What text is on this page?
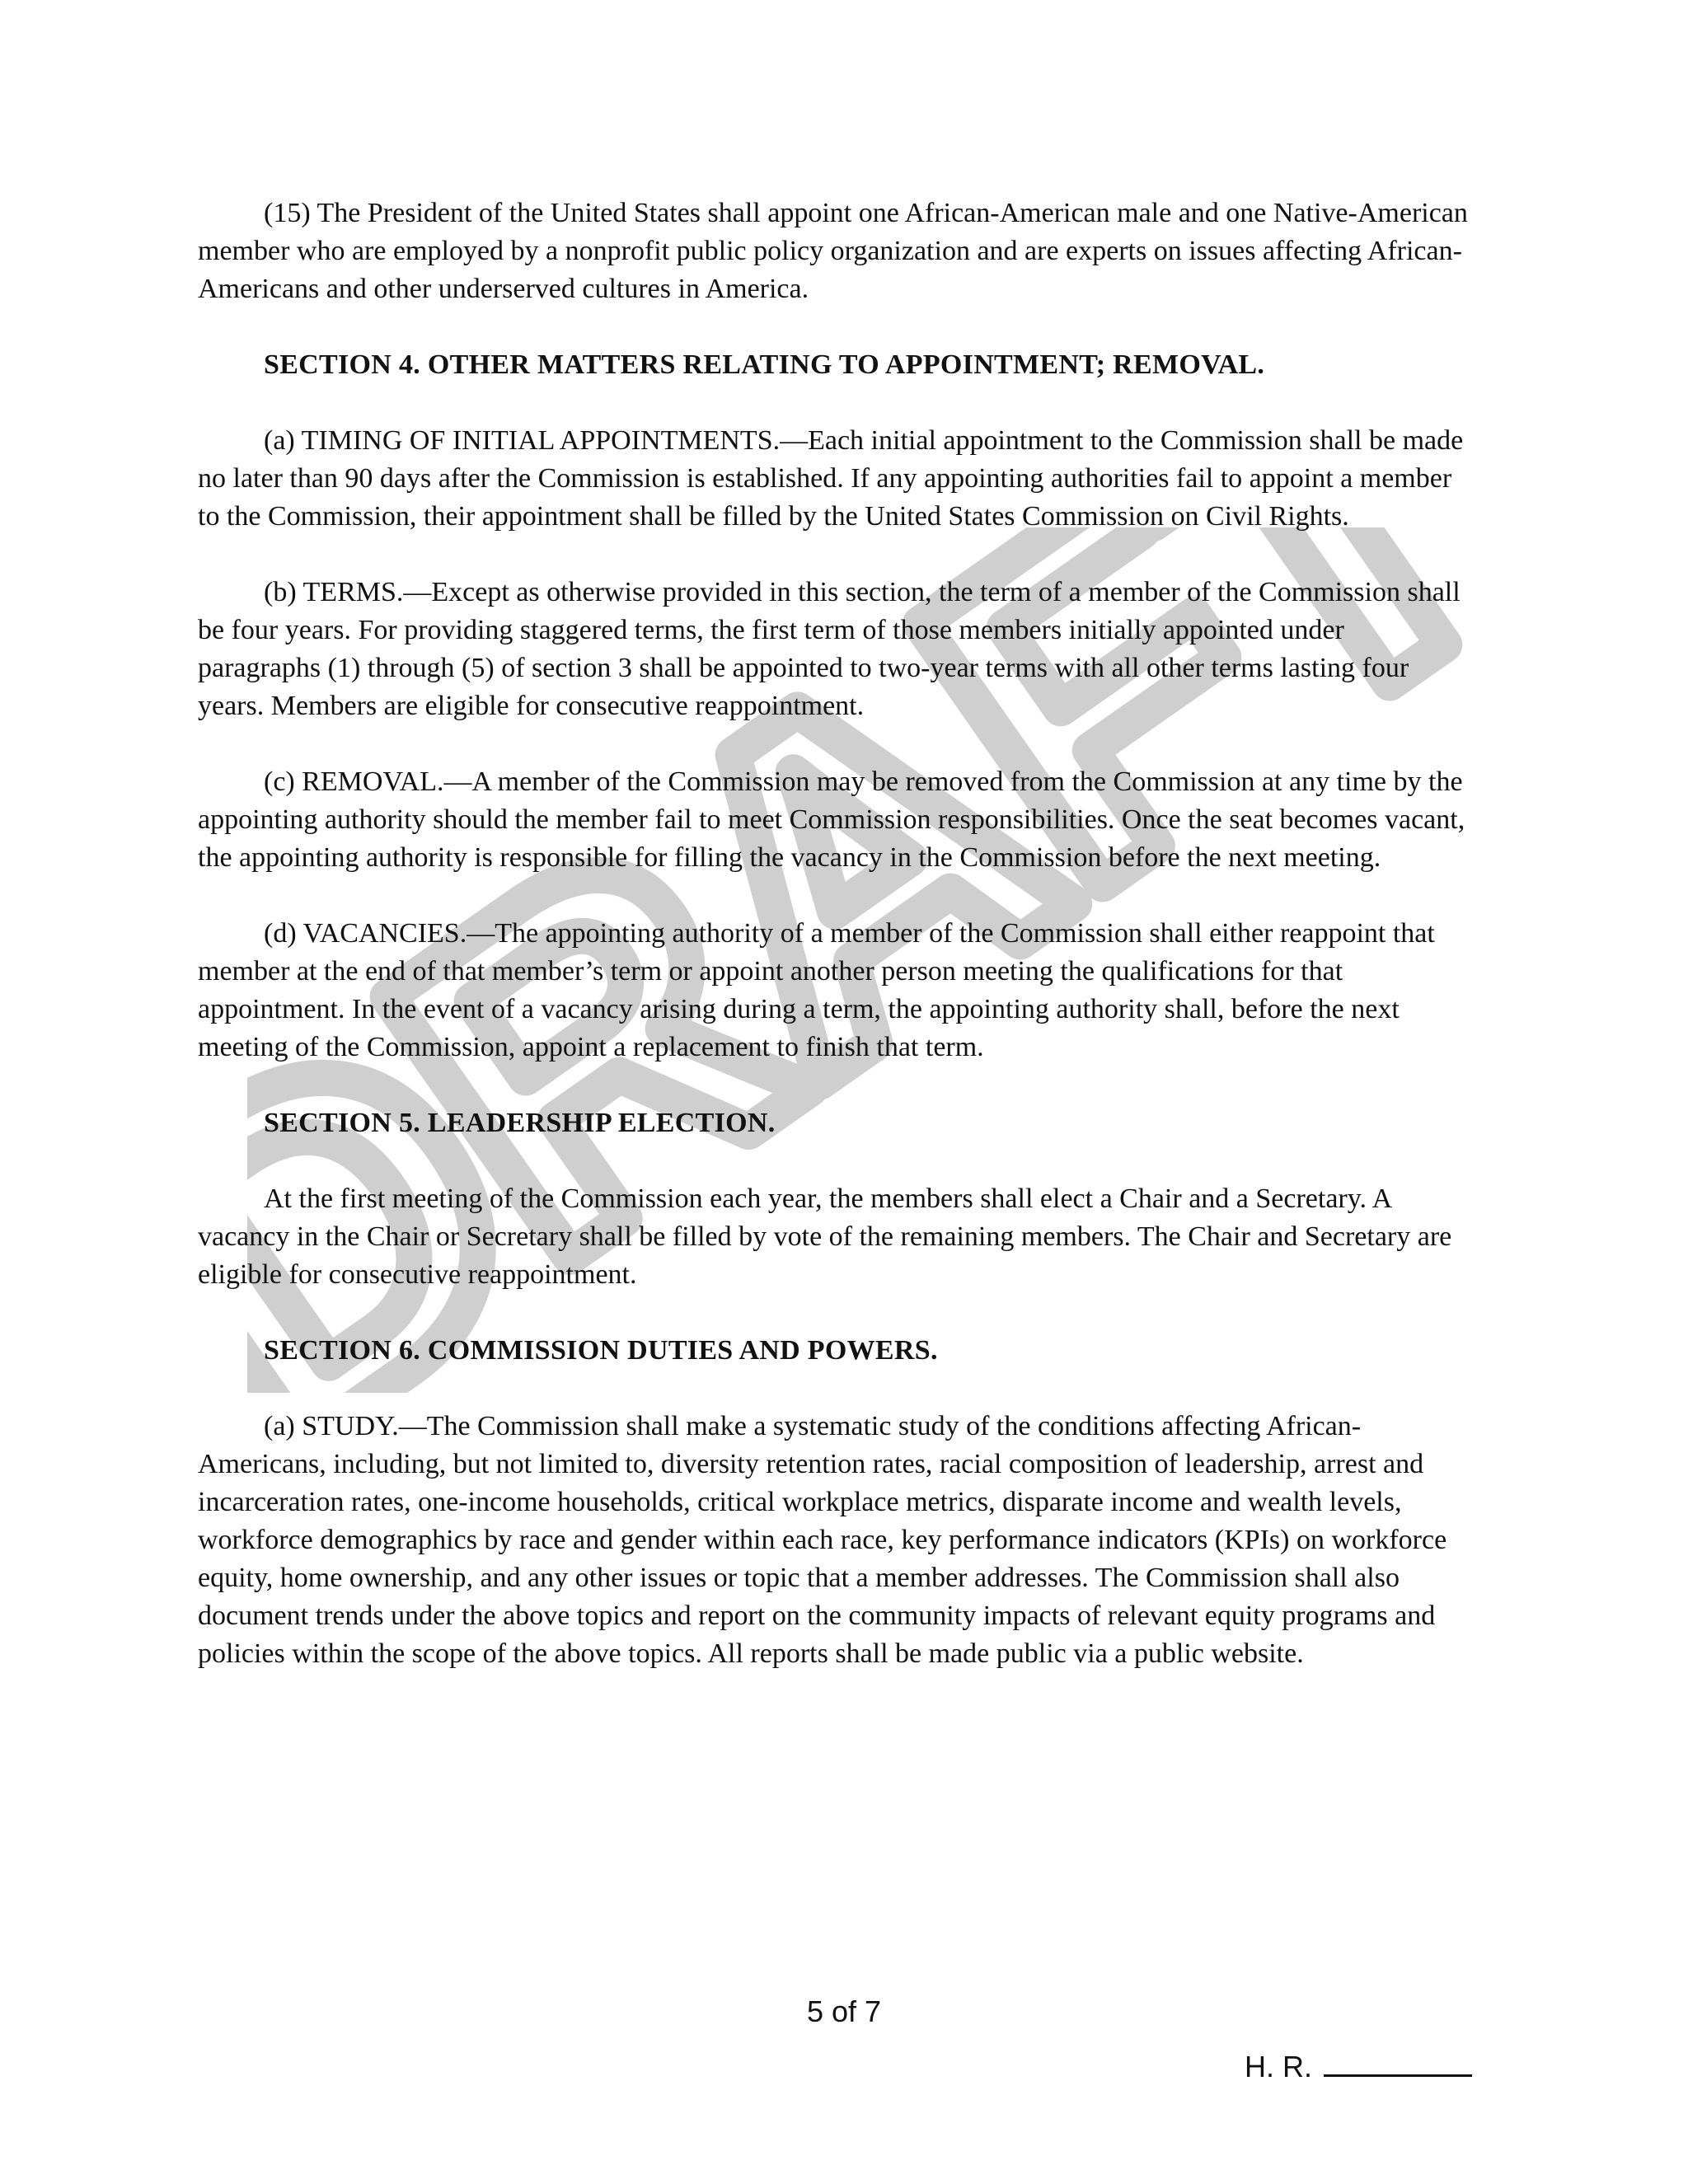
DRAFT

(15) The President of the United States shall appoint one African-American male and one Native-American member who are employed by a nonprofit public policy organization and are experts on issues affecting African-Americans and other underserved cultures in America.

SECTION 4. OTHER MATTERS RELATING TO APPOINTMENT; REMOVAL.

(a) TIMING OF INITIAL APPOINTMENTS.—Each initial appointment to the Commission shall be made no later than 90 days after the Commission is established. If any appointing authorities fail to appoint a member to the Commission, their appointment shall be filled by the United States Commission on Civil Rights.

(b) TERMS.—Except as otherwise provided in this section, the term of a member of the Commission shall be four years. For providing staggered terms, the first term of those members initially appointed under paragraphs (1) through (5) of section 3 shall be appointed to two-year terms with all other terms lasting four years. Members are eligible for consecutive reappointment.

(c) REMOVAL.—A member of the Commission may be removed from the Commission at any time by the appointing authority should the member fail to meet Commission responsibilities. Once the seat becomes vacant, the appointing authority is responsible for filling the vacancy in the Commission before the next meeting.

(d) VACANCIES.—The appointing authority of a member of the Commission shall either reappoint that member at the end of that member’s term or appoint another person meeting the qualifications for that appointment. In the event of a vacancy arising during a term, the appointing authority shall, before the next meeting of the Commission, appoint a replacement to finish that term.

SECTION 5. LEADERSHIP ELECTION.

At the first meeting of the Commission each year, the members shall elect a Chair and a Secretary. A vacancy in the Chair or Secretary shall be filled by vote of the remaining members. The Chair and Secretary are eligible for consecutive reappointment.

SECTION 6. COMMISSION DUTIES AND POWERS.

(a) STUDY.—The Commission shall make a systematic study of the conditions affecting African-Americans, including, but not limited to, diversity retention rates, racial composition of leadership, arrest and incarceration rates, one-income households, critical workplace metrics, disparate income and wealth levels, workforce demographics by race and gender within each race, key performance indicators (KPIs) on workforce equity, home ownership, and any other issues or topic that a member addresses. The Commission shall also document trends under the above topics and report on the community impacts of relevant equity programs and policies within the scope of the above topics. All reports shall be made public via a public website.

5 of 7
H. R.
